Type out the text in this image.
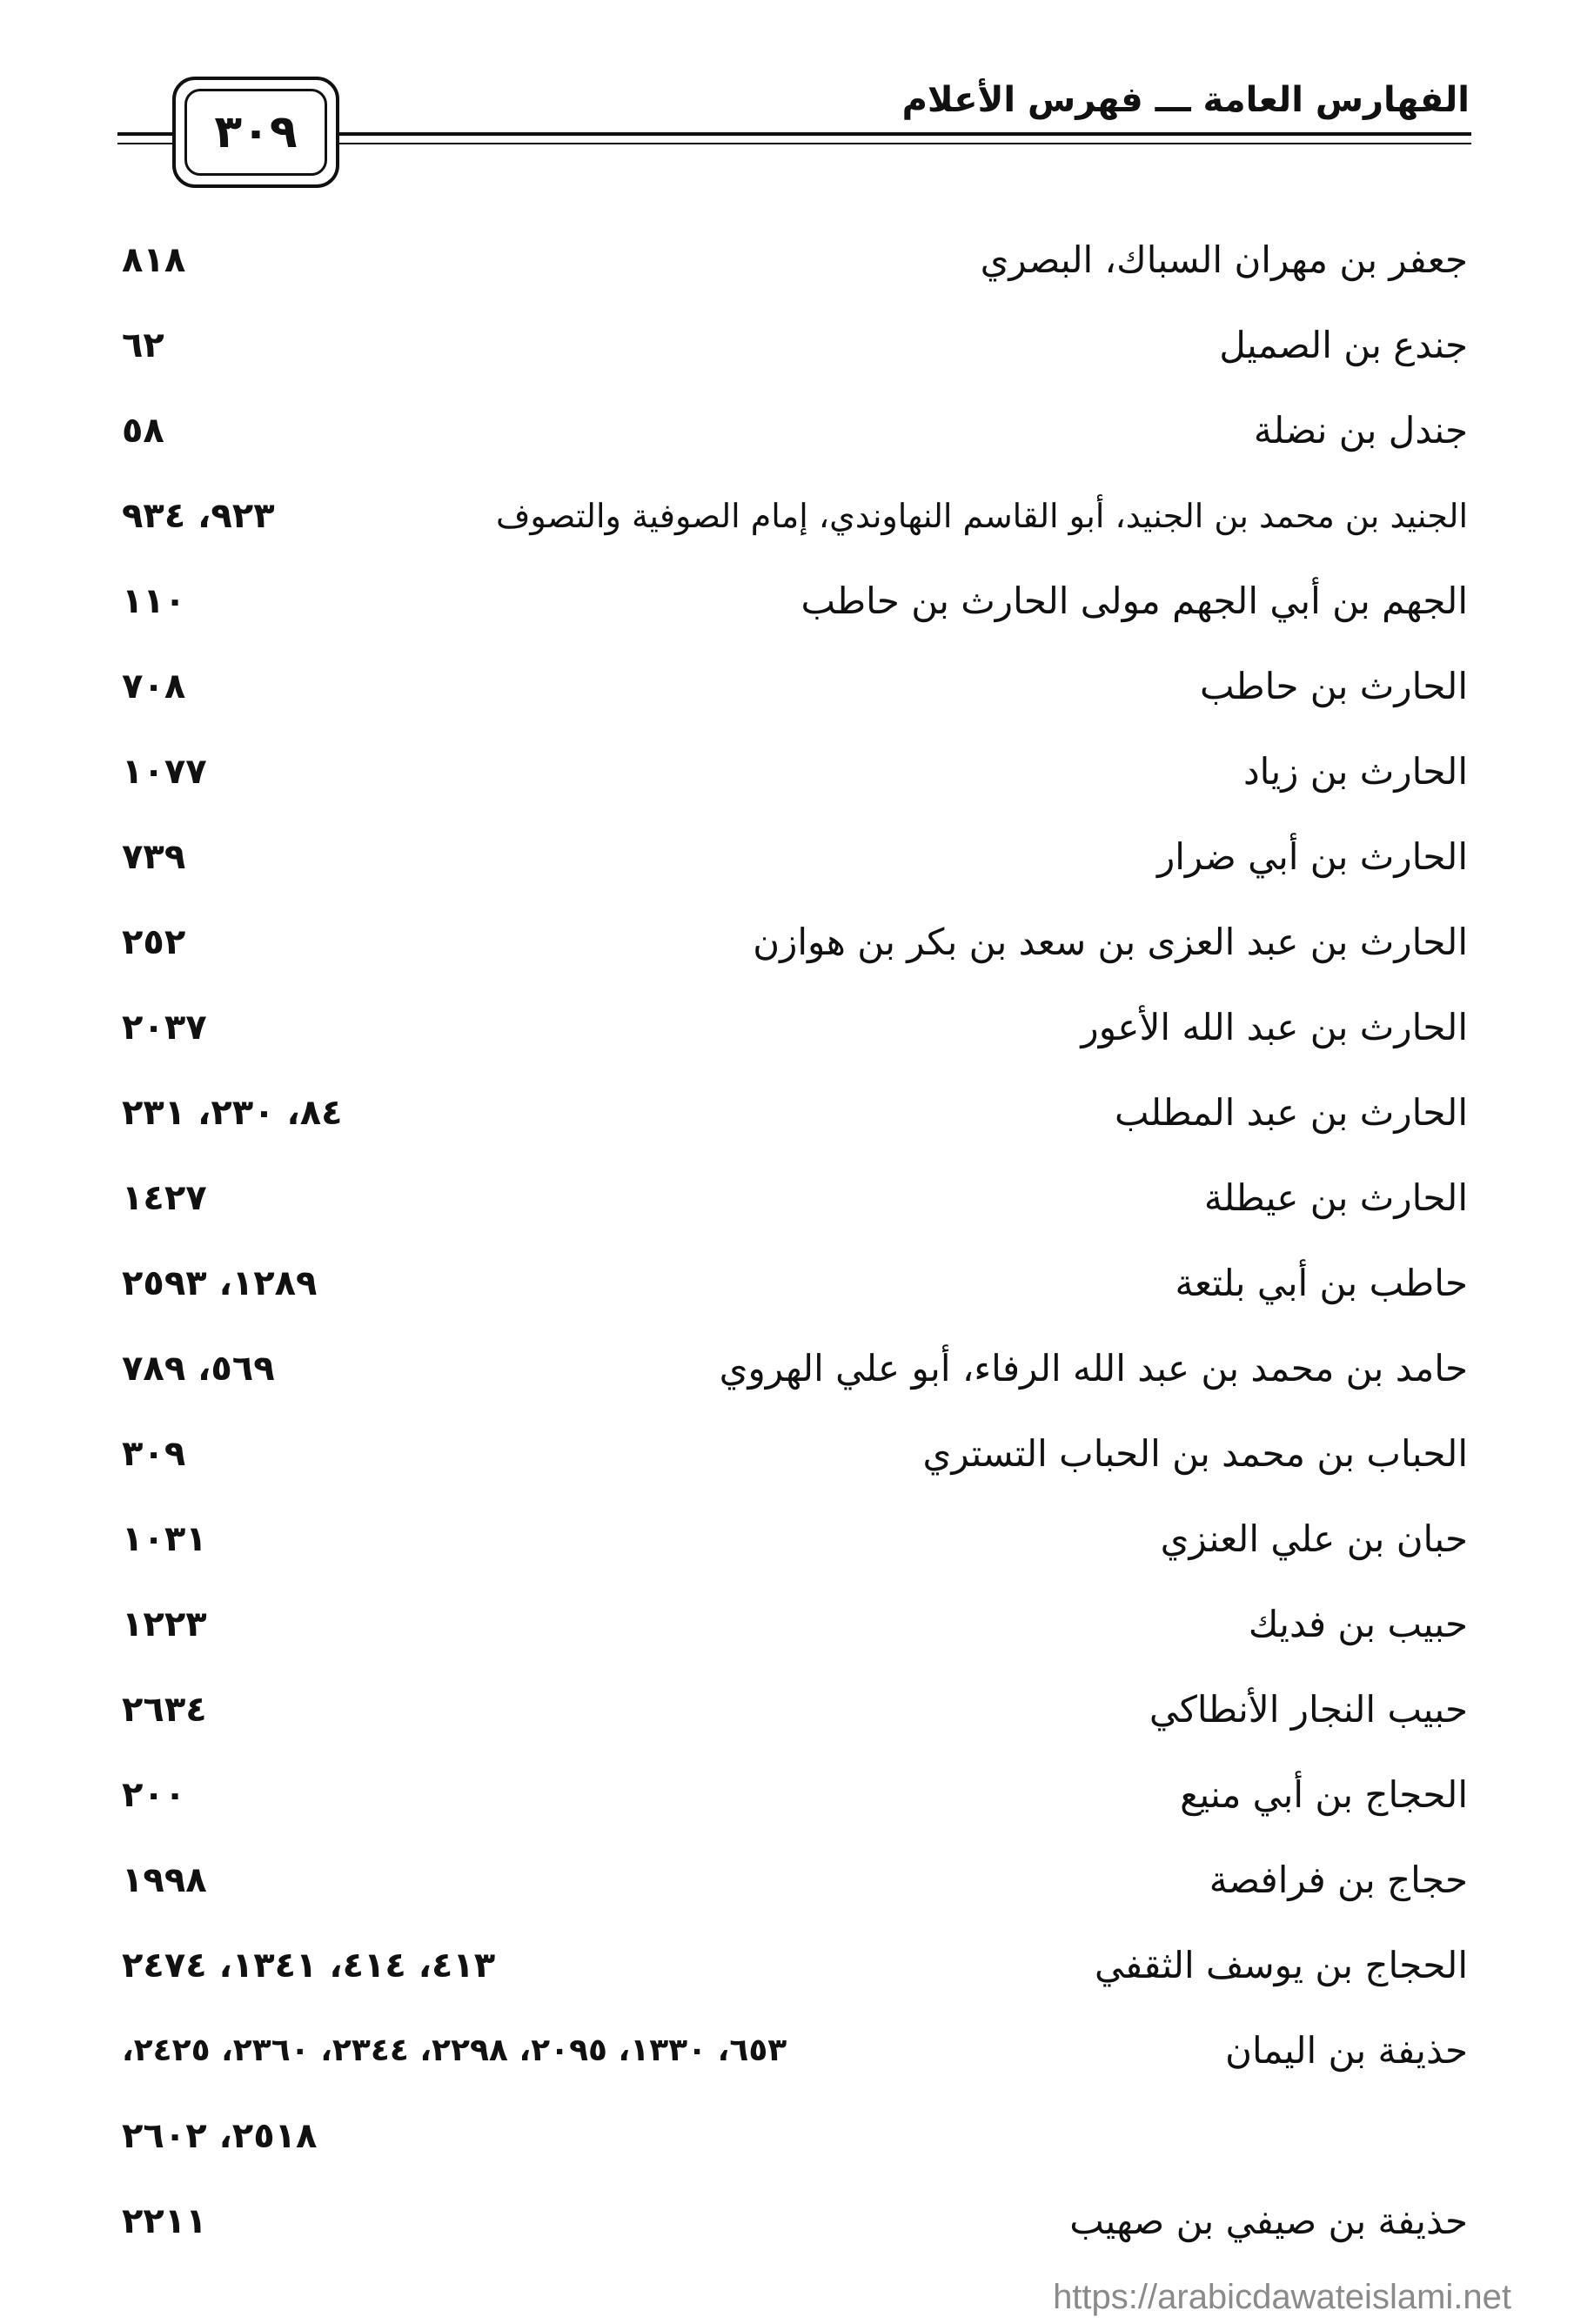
الفهارس العامة ـــ فهرس الأعلام
٣٠٩
جعفر بن مهران السباك، البصري
٨١٨
جندع بن الصميل
٦٢
جندل بن نضلة
٥٨
الجنيد بن محمد بن الجنيد، أبو القاسم النهاوندي، إمام الصوفية والتصوف
٩٢٣، ٩٣٤
الجهم بن أبي الجهم مولى الحارث بن حاطب
١١٠
الحارث بن حاطب
٧٠٨
الحارث بن زياد
١٠٧٧
الحارث بن أبي ضرار
٧٣٩
الحارث بن عبد العزى بن سعد بن بكر بن هوازن
٢٥٢
الحارث بن عبد الله الأعور
٢٠٣٧
الحارث بن عبد المطلب
٨٤، ٢٣٠، ٢٣١
الحارث بن عيطلة
١٤٢٧
حاطب بن أبي بلتعة
١٢٨٩، ٢٥٩٣
حامد بن محمد بن عبد الله الرفاء، أبو علي الهروي
٥٦٩، ٧٨٩
الحباب بن محمد بن الحباب التستري
٣٠٩
حبان بن علي العنزي
١٠٣١
حبيب بن فديك
١٢٢٣
حبيب النجار الأنطاكي
٢٦٣٤
الحجاج بن أبي منيع
٢٠٠
حجاج بن فرافصة
١٩٩٨
الحجاج بن يوسف الثقفي
٤١٣، ٤١٤، ١٣٤١، ٢٤٧٤
حذيفة بن اليمان
٦٥٣، ١٣٣٠، ٢٠٩٥، ٢٢٩٨، ٢٣٤٤، ٢٣٦٠، ٢٤٢٥،
٢٥١٨، ٢٦٠٢
حذيفة بن صيفي بن صهيب
٢٢١١
https://arabicdawateislami.net
